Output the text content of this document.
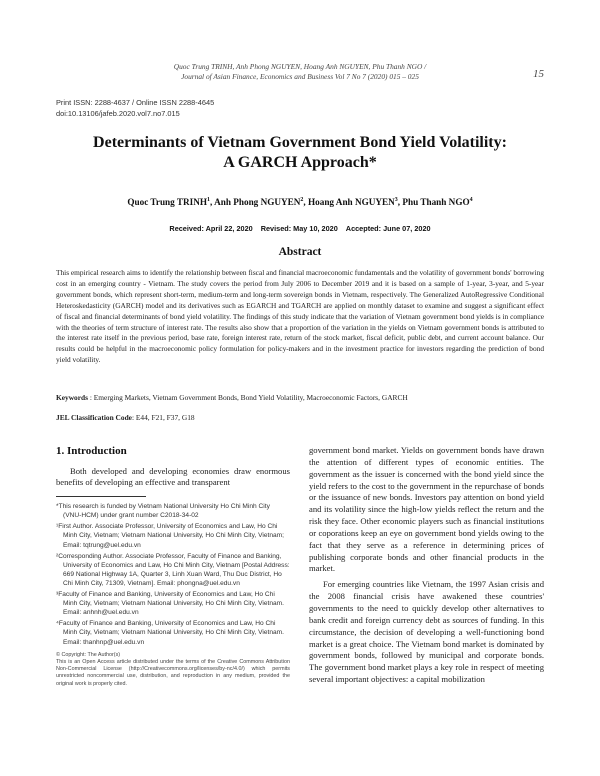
Quoc Trung TRINH, Anh Phong NGUYEN, Hoang Anh NGUYEN, Phu Thanh NGO /
Journal of Asian Finance, Economics and Business Vol 7 No 7 (2020) 015 – 025	15
Print ISSN: 2288-4637 / Online ISSN 2288-4645
doi:10.13106/jafeb.2020.vol7.no7.015
Determinants of Vietnam Government Bond Yield Volatility:
A GARCH Approach*
Quoc Trung TRINH$^1$, Anh Phong NGUYEN$^2$, Hoang Anh NGUYEN$^3$, Phu Thanh NGO$^4$
Received: April 22, 2020 Revised: May 10, 2020 Accepted: June 07, 2020
Abstract

This empirical research aims to identify the relationship between fiscal and financial macroeconomic fundamentals and the volatility of government bonds' borrowing cost in an emerging country - Vietnam. The study covers the period from July 2006 to December 2019 and it is based on a sample of 1-year, 3-year, and 5-year government bonds, which represent short-term, medium-term and long-term sovereign bonds in Vietnam, respectively. The Generalized AutoRegressive Conditional Heteroskedasticity (GARCH) model and its derivatives such as EGARCH and TGARCH are applied on monthly dataset to examine and suggest a significant effect of fiscal and financial determinants of bond yield volatility. The findings of this study indicate that the variation of Vietnam government bond yields is in compliance with the theories of term structure of interest rate. The results also show that a proportion of the variation in the yields on Vietnam government bonds is attributed to the interest rate itself in the previous period, base rate, foreign interest rate, return of the stock market, fiscal deficit, public debt, and current account balance. Our results could be helpful in the macroeconomic policy formulation for policy-makers and in the investment practice for investors regarding the prediction of bond yield volatility.

Keywords : Emerging Markets, Vietnam Government Bonds, Bond Yield Volatility, Macroeconomic Factors, GARCH
JEL Classification Code: E44, F21, F37, G18
1. Introduction

Both developed and developing economies draw enormous benefits of developing an effective and transparent

*This research is funded by Vietnam National University Ho Chi Minh City (VNU-HCM) under grant number C2018-34-02
¹First Author. Associate Professor, University of Economics and Law, Ho Chi Minh City, Vietnam; Vietnam National University, Ho Chi Minh City, Vietnam; Email: tqtrung@uel.edu.vn
²Corresponding Author. Associate Professor, Faculty of Finance and Banking, University of Economics and Law, Ho Chi Minh City, Vietnam [Postal Address: 669 National Highway 1A, Quarter 3, Linh Xuan Ward, Thu Duc District, Ho Chi Minh City, 71309, Vietnam]. Email: phongna@uel.edu.vn
³Faculty of Finance and Banking, University of Economics and Law, Ho Chi Minh City, Vietnam; Vietnam National University, Ho Chi Minh City, Vietnam. Email: anhnh@uel.edu.vn
⁴Faculty of Finance and Banking, University of Economics and Law, Ho Chi Minh City, Vietnam; Vietnam National University, Ho Chi Minh City, Vietnam. Email: thanhnp@uel.edu.vn
© Copyright: The Author(s)
This is an Open Access article distributed under the terms of the Creative Commons Attribution Non-Commercial License (http://Creativecommons.org/licenses/by-nc/4.0/) which permits unrestricted noncommercial use, distribution, and reproduction in any medium, provided the original work is properly cited.

government bond market. Yields on government bonds have drawn the attention of different types of economic entities. The government as the issuer is concerned with the bond yield since the yield refers to the cost to the government in the repurchase of bonds or the issuance of new bonds. Investors pay attention on bond yield and its volatility since the high-low yields reflect the return and the risk they face. Other economic players such as financial institutions or coporations keep an eye on government bond yields owing to the fact that they serve as a reference in determining prices of publishing corporate bonds and other financial products in the market.

For emerging countries like Vietnam, the 1997 Asian crisis and the 2008 financial crisis have awakened these countries' governments to the need to quickly develop other alternatives to bank credit and foreign currency debt as sources of funding. In this circumstance, the decision of developing a well-functioning bond market is a great choice. The Vietnam bond market is dominated by government bonds, followed by municipal and corporate bonds. The government bond market plays a key role in respect of meeting several important objectives: a capital mobilization
